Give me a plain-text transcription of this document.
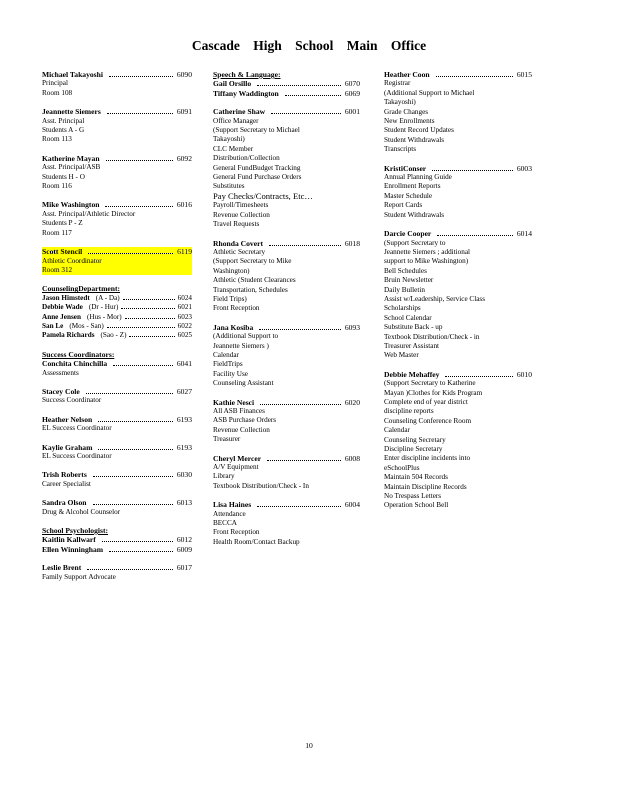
Cascade High School Main Office
Michael Takayoshi	6090
Principal
Room 108
Jeannette Siemers	6091
Asst. Principal
Students A - G
Room 113
Katherine Mayan	6092
Asst. Principal/ASB
Students H - O
Room 116
Mike Washington	6016
Asst. Principal/Athletic Director
Students P - Z
Room 117
Scott Stencil	6119
Athletic Coordinator
Room 312
CounselingDepartment:
Jason Himstedt (A - Da)	6024
Debbie Wade (Dr - Hur)	6021
Anne Jensen (Hus - Mor)	6023
San Le (Mos - San)	6022
Pamela Richards (Sao - Z)	6025
Success Coordinators:
Conchita Chinchilla	6041
Assessments
Stacey Cole	6027
Success Coordinator
Heather Nelson	6193
EL Success Coordinator
Kaylie Graham	6193
EL Success Coordinator
Trish Roberts	6030
Career Specialist
Sandra Olson	6013
Drug & Alcohol Counselor
School Psychologist:
Kaitlin Kallwarf	6012
Ellen Winningham	6009
Leslie Brent	6017
Family Support Advocate
Speech & Language:
Gail Orsillo	6070
Tiffany Waddington	6069
Catherine Shaw	6001
Office Manager
(Support Secretary to Michael
Takayoshi)
CLC Member
Distribution/Collection
General FundBudget Tracking
General Fund Purchase Orders
Substitutes
Pay Checks/Contracts, Etc…
Payroll/Timesheets
Revenue Collection
Travel Requests
Rhonda Covert	6018
Athletic Secretary
(Support Secretary to Mike
Washington)
Athletic (Student Clearances
Transportation, Schedules
Field Trips)
Front Reception
Jana Kosiba	6093
(Additional Support to
Jeannette Siemers )
Calendar
FieldTrips
Facility Use
Counseling Assistant
Kathie Nesci	6020
All ASB Finances
ASB Purchase Orders
Revenue Collection
Treasurer
Cheryl Mercer	6008
A/V Equipment
Library
Textbook Distribution/Check - In
Lisa Haines	6004
Attendance
BECCA
Front Reception
Health Room/Contact Backup
Heather Coon	6015
Registrar
(Additional Support to Michael
Takayoshi)
Grade Changes
New Enrollments
Student Record Updates
Student Withdrawals
Transcripts
KristiConser	6003
Annual Planning Guide
Enrollment Reports
Master Schedule
Report Cards
Student Withdrawals
Darcie Cooper	6014
(Support Secretary to
Jeannette Siemers ; additional
support to Mike Washington)
Bell Schedules
Bruin Newsletter
Daily Bulletin
Assist w/Leadership, Service Class
Scholarships
School Calendar
Substitute Back - up
Textbook Distribution/Check - in
Treasurer Assistant
Web Master
Debbie Mehaffey	6010
(Support Secretary to Katherine
Mayan )Clothes for Kids Program
Complete end of year district
discipline reports
Counseling Conference Room
Calendar
Counseling Secretary
Discipline Secretary
Enter discipline incidents into
eSchoolPlus
Maintain 504 Records
Maintain Discipline Records
No Trespass Letters
Operation School Bell
10
